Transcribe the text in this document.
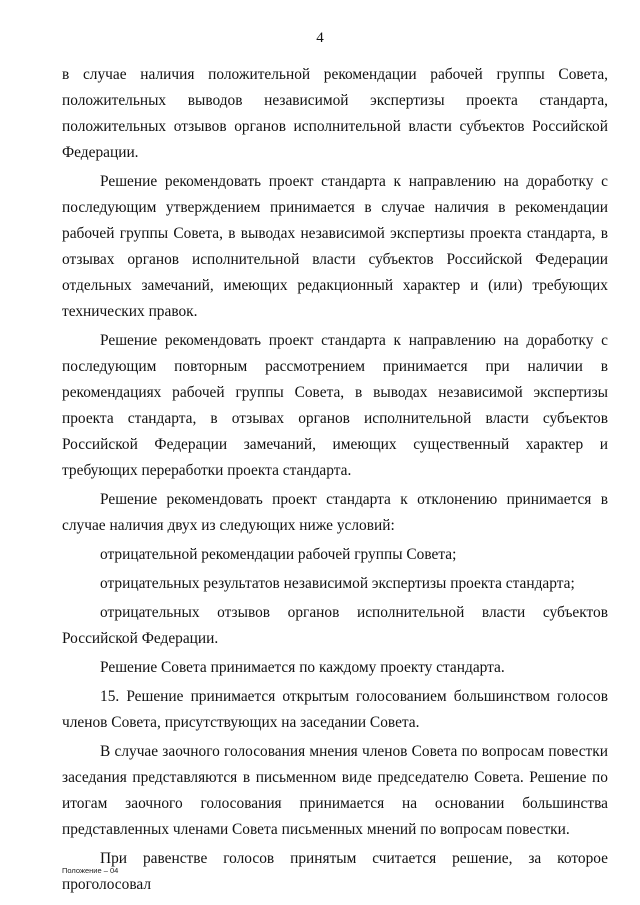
4

в случае наличия положительной рекомендации рабочей группы Совета, положительных выводов независимой экспертизы проекта стандарта, положительных отзывов органов исполнительной власти субъектов Российской Федерации.

Решение рекомендовать проект стандарта к направлению на доработку с последующим утверждением принимается в случае наличия в рекомендации рабочей группы Совета, в выводах независимой экспертизы проекта стандарта, в отзывах органов исполнительной власти субъектов Российской Федерации отдельных замечаний, имеющих редакционный характер и (или) требующих технических правок.

Решение рекомендовать проект стандарта к направлению на доработку с последующим повторным рассмотрением принимается при наличии в рекомендациях рабочей группы Совета, в выводах независимой экспертизы проекта стандарта, в отзывах органов исполнительной власти субъектов Российской Федерации замечаний, имеющих существенный характер и требующих переработки проекта стандарта.

Решение рекомендовать проект стандарта к отклонению принимается в случае наличия двух из следующих ниже условий:

отрицательной рекомендации рабочей группы Совета;

отрицательных результатов независимой экспертизы проекта стандарта;

отрицательных отзывов органов исполнительной власти субъектов Российской Федерации.

Решение Совета принимается по каждому проекту стандарта.

15. Решение принимается открытым голосованием большинством голосов членов Совета, присутствующих на заседании Совета.

В случае заочного голосования мнения членов Совета по вопросам повестки заседания представляются в письменном виде председателю Совета. Решение по итогам заочного голосования принимается на основании большинства представленных членами Совета письменных мнений по вопросам повестки.

При равенстве голосов принятым считается решение, за которое проголосовал

Положение – 04
